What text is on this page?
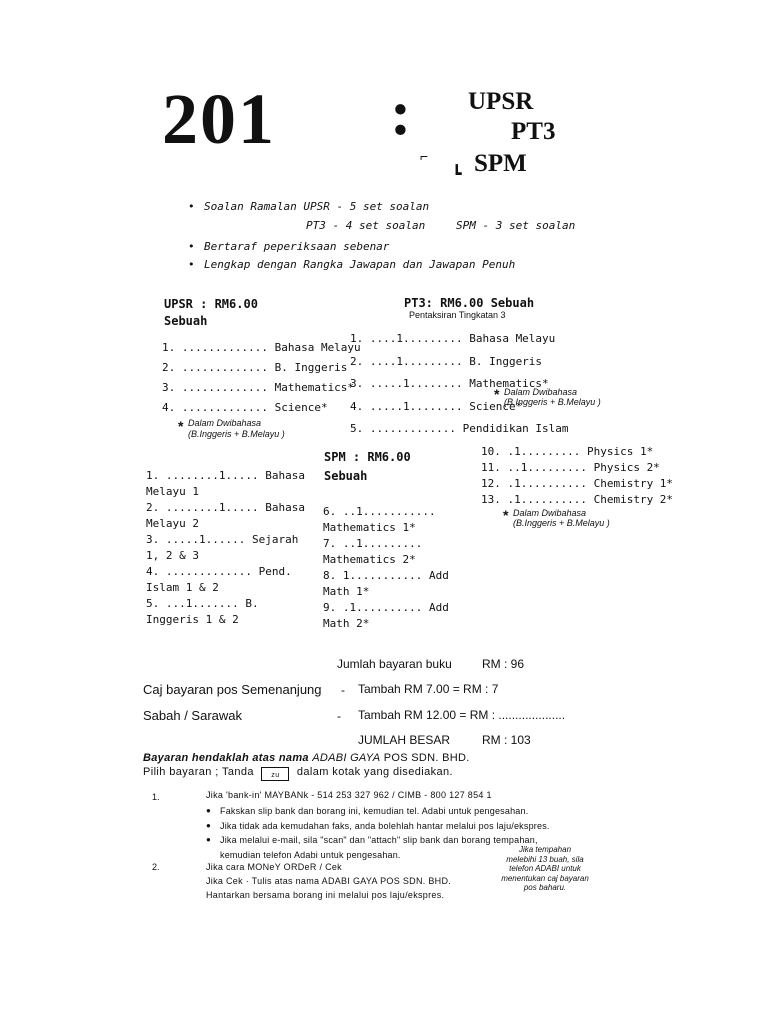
201 : UPSR
PT3
SPM
⌐
┗
• Soalan Ramalan UPSR - 5 set soalan
PT3 - 4 set soalan	SPM - 3 set soalan
• Bertaraf peperiksaan sebenar
• Lengkap dengan Rangka Jawapan dan Jawapan Penuh
UPSR : RM6.00
Sebuah
1. ............. Bahasa Melayu
2. ............. B. Inggeris
3. ............. Mathematics*
4. ............. Science*
* Dalam Dwibahasa
(B.Inggeris + B.Melayu )
PT3: RM6.00 Sebuah
Pentaksiran Tingkatan 3
1. ....1......... Bahasa Melayu
2. ....1......... B. Inggeris
3. .....1........ Mathematics*
4. .....1........ Science*
5. ............. Pendidikan Islam
* Dalam Dwibahasa
(B.Inggeris + B.Melayu )
1. ........1..... Bahasa Melayu 1
2. ........1..... Bahasa Melayu 2
3. .....1...... Sejarah 1, 2 & 3
4. ............. Pend. Islam 1 & 2
5. ...1....... B. Inggeris 1 & 2
SPM : RM6.00
Sebuah
6. ..1........... Mathematics 1*
7. ..1......... Mathematics 2*
8. 1........... Add Math 1*
9. .1.......... Add Math 2*
10. .1......... Physics 1*
11. ..1......... Physics 2*
12. .1.......... Chemistry 1*
13. .1.......... Chemistry 2*
* Dalam Dwibahasa
(B.Inggeris + B.Melayu )
Jumlah bayaran buku	RM : 96
Caj bayaran pos Semenanjung - Tambah RM 7.00 = RM : 7
Sabah / Sarawak	- Tambah RM 12.00 = RM : ....................
JUMLAH BESAR	RM : 103
Bayaran hendaklah atas nama ADABI GAYA POS SDN. BHD.
Pilih bayaran ; Tanda zu dalam kotak yang disediakan.
1.	Jika 'bank-in' MAYBANk - 514 253 327 962 / CIMB - 800 127 854 1
● Fakskan slip bank dan borang ini, kemudian tel. Adabi untuk pengesahan.
● Jika tidak ada kemudahan faks, anda bolehlah hantar melalui pos laju/ekspres.
● Jika melalui e-mail, sila "scan" dan "attach" slip bank dan borang tempahan,
kemudian telefon Adabi untuk pengesahan.
2.	Jika cara MONeY ORDeR / Cek
Jika Cek · Tulis atas nama ADABI GAYA POS SDN. BHD.
Hantarkan bersama borang ini melalui pos laju/ekspres.
Jika tempahan
melebihi 13 buah, sila
telefon ADABI untuk
menentukan caj bayaran
pos baharu.
